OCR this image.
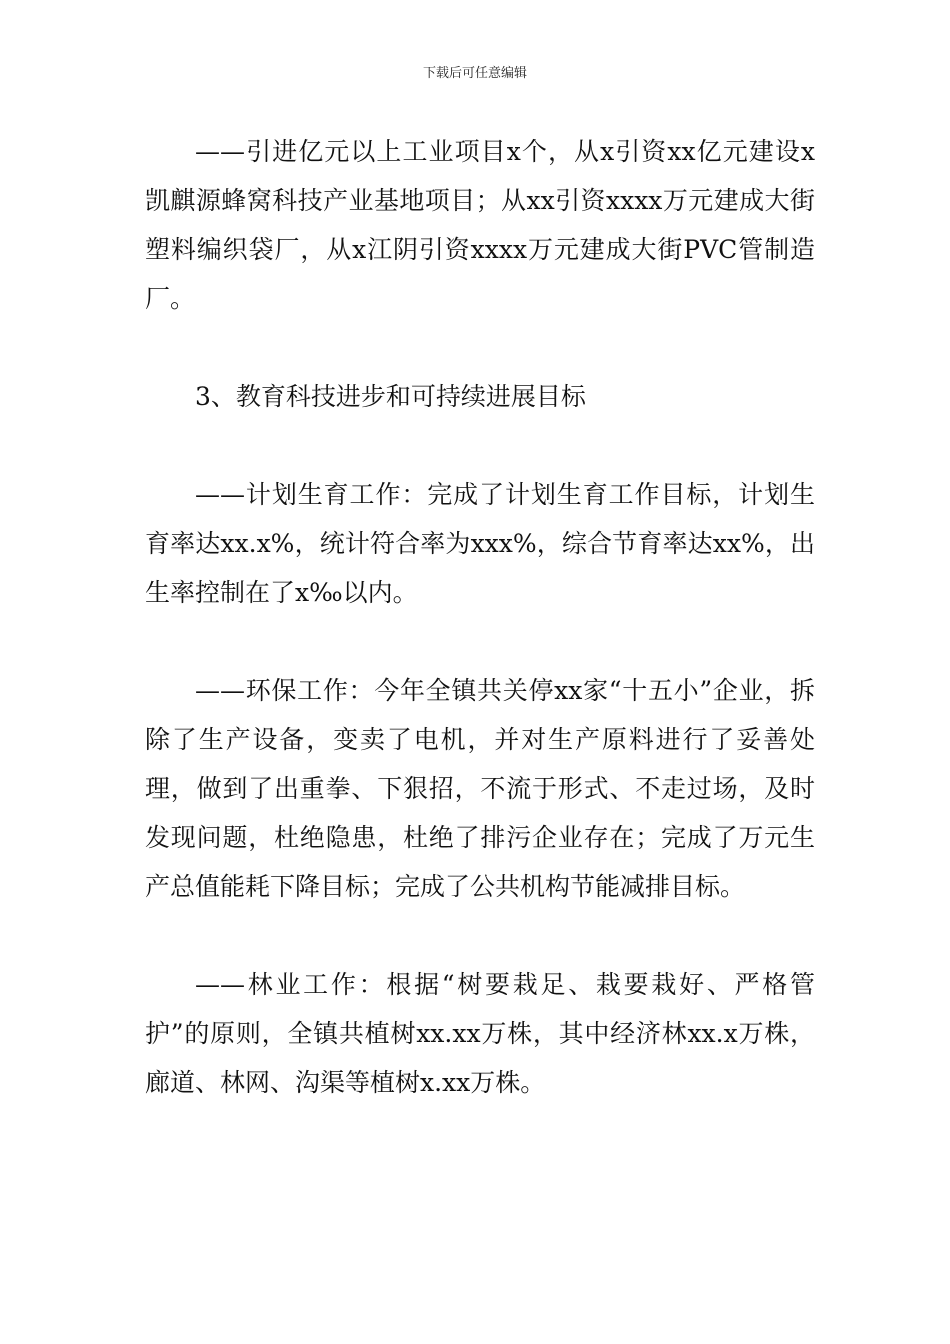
下载后可任意编辑

——引进亿元以上工业项目x个，从x引资xx亿元建设x凯麒源蜂窝科技产业基地项目；从xx引资xxxx万元建成大街塑料编织袋厂，从x江阴引资xxxx万元建成大街PVC管制造厂。

3、教育科技进步和可持续进展目标

——计划生育工作：完成了计划生育工作目标，计划生育率达xx.x%，统计符合率为xxx%，综合节育率达xx%，出生率控制在了x‰以内。

——环保工作：今年全镇共关停xx家“十五小”企业，拆除了生产设备，变卖了电机，并对生产原料进行了妥善处理，做到了出重拳、下狠招，不流于形式、不走过场，及时发现问题，杜绝隐患，杜绝了排污企业存在；完成了万元生产总值能耗下降目标；完成了公共机构节能减排目标。

——林业工作：根据“树要栽足、栽要栽好、严格管护”的原则，全镇共植树xx.xx万株，其中经济林xx.x万株，廊道、林网、沟渠等植树x.xx万株。
